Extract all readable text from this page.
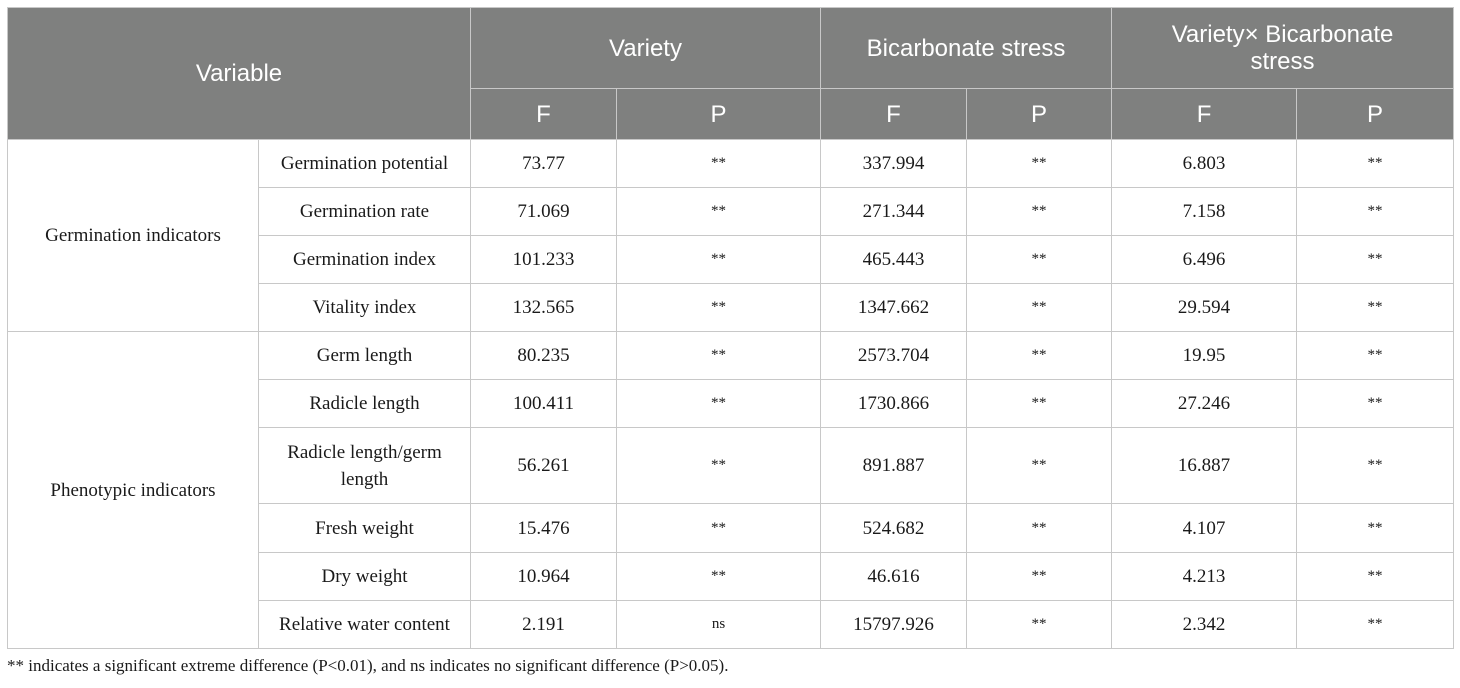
Variable		Variety		Bicarbonate stress		Variety× Bicarbonate stress	
		F	P	F	P	F	P
Germination indicators	Germination potential	73.77	**	337.994	**	6.803	**
	Germination rate	71.069	**	271.344	**	7.158	**
	Germination index	101.233	**	465.443	**	6.496	**
	Vitality index	132.565	**	1347.662	**	29.594	**
Phenotypic indicators	Germ length	80.235	**	2573.704	**	19.95	**
	Radicle length	100.411	**	1730.866	**	27.246	**
	Radicle length/germ length	56.261	**	891.887	**	16.887	**
	Fresh weight	15.476	**	524.682	**	4.107	**
	Dry weight	10.964	**	46.616	**	4.213	**
	Relative water content	2.191	ns	15797.926	**	2.342	**
** indicates a significant extreme difference (P<0.01), and ns indicates no significant difference (P>0.05).
